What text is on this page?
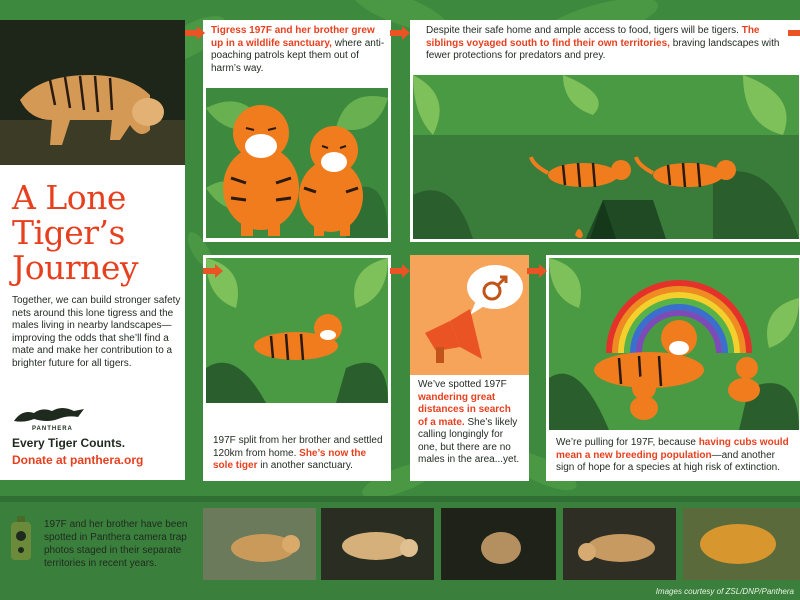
A Lone
Tiger’s
Journey
Together, we can build stronger safety nets around this lone tigress and the males living in nearby landscapes—improving the odds that she’ll find a mate and make her contribution to a brighter future for all tigers.
PANTHERA
Every Tiger Counts.
Donate at panthera.org
Tigress 197F and her brother grew up in a wildlife sanctuary, where anti-poaching patrols kept them out of harm’s way.
Despite their safe home and ample access to food, tigers will be tigers. The siblings voyaged south to find their own territories, braving landscapes with fewer protections for predators and prey.
197F split from her brother and settled 120km from home. She’s now the sole tiger in another sanctuary.
We’ve spotted 197F wandering great distances in search of a mate. She’s likely calling longingly for one, but there are no males in the area...yet.
We’re pulling for 197F, because having cubs would mean a new breeding population—and another sign of hope for a species at high risk of extinction.
197F and her brother have been spotted in Panthera camera trap photos staged in their separate territories in recent years.
Images courtesy of ZSL/DNP/Panthera
